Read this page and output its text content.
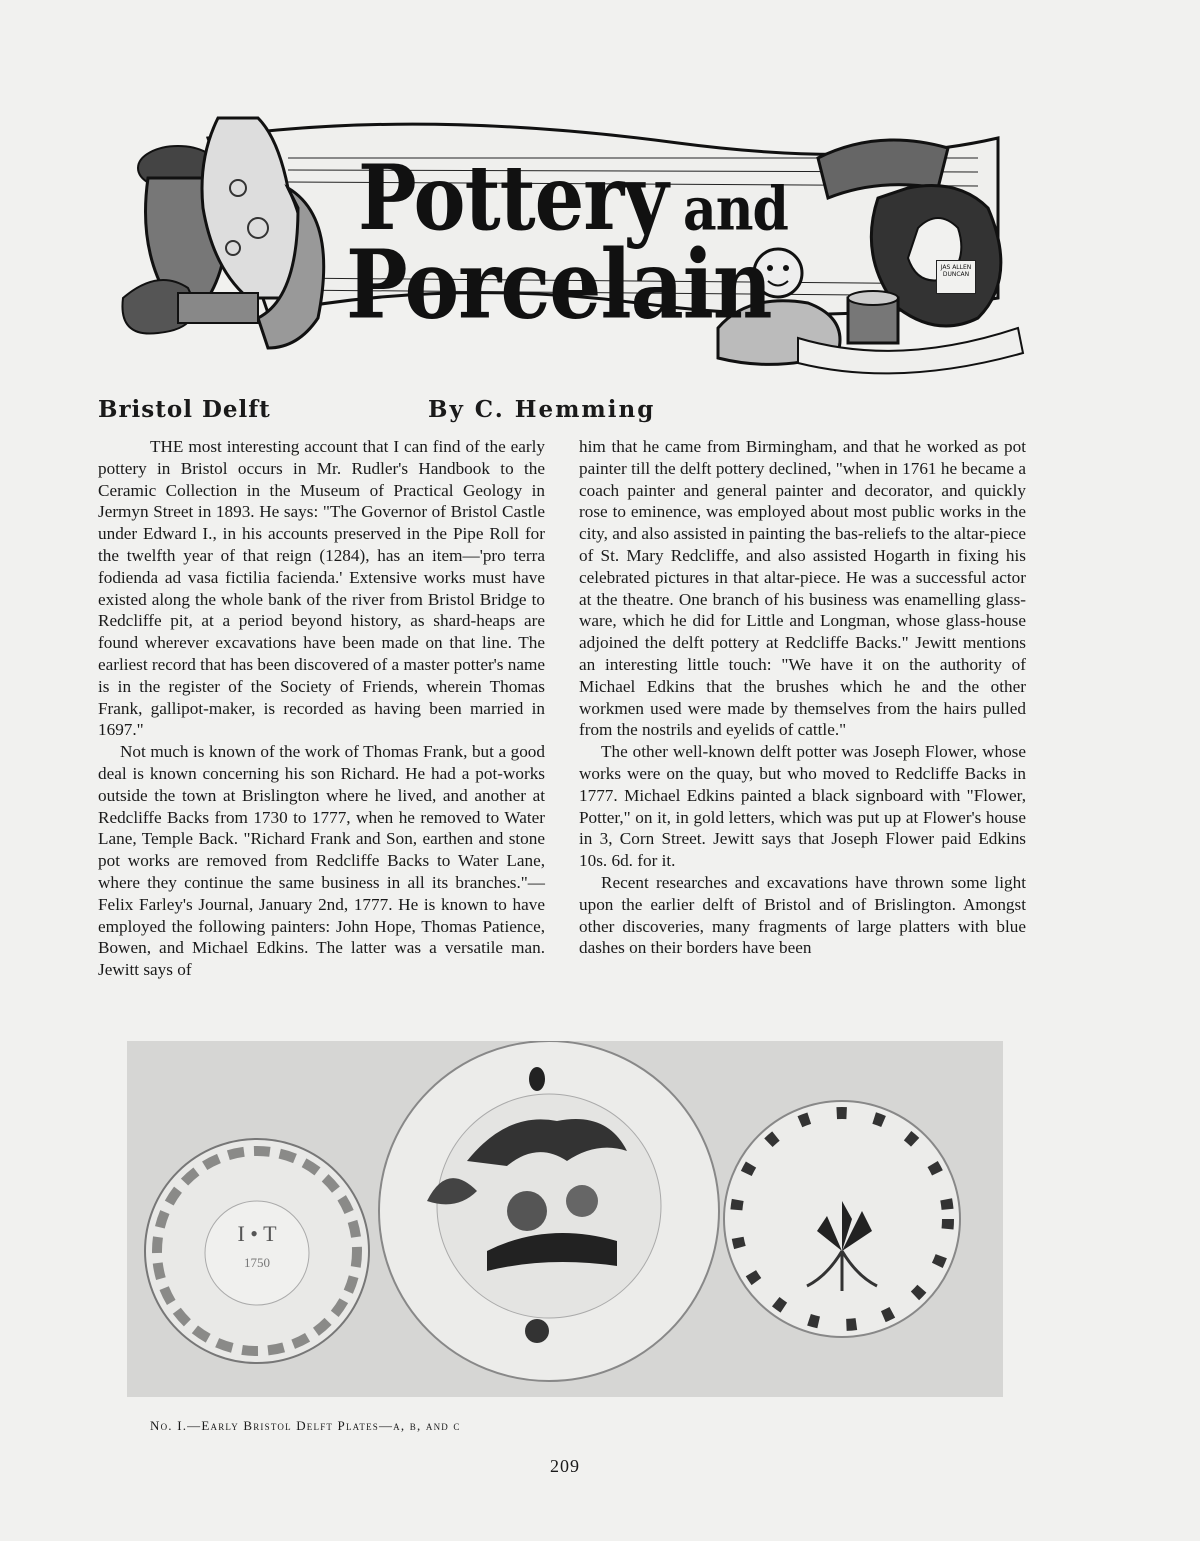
Pottery and
Porcelain	JAS ALLEN DUNCAN
Bristol Delft	By C. Hemming

THE most interesting account that I can find of the early pottery in Bristol occurs in Mr. Rudler's Handbook to the Ceramic Collection in the Museum of Practical Geology in Jermyn Street in 1893. He says: "The Governor of Bristol Castle under Edward I., in his accounts preserved in the Pipe Roll for the twelfth year of that reign (1284), has an item—'pro terra fodienda ad vasa fictilia facienda.' Extensive works must have existed along the whole bank of the river from Bristol Bridge to Redcliffe pit, at a period beyond history, as shard-heaps are found wherever excavations have been made on that line. The earliest record that has been discovered of a master potter's name is in the register of the Society of Friends, wherein Thomas Frank, gallipot-maker, is recorded as having been married in 1697."

Not much is known of the work of Thomas Frank, but a good deal is known concerning his son Richard. He had a pot-works outside the town at Brislington where he lived, and another at Redcliffe Backs from 1730 to 1777, when he removed to Water Lane, Temple Back. "Richard Frank and Son, earthen and stone pot works are removed from Redcliffe Backs to Water Lane, where they continue the same business in all its branches."—Felix Farley's Journal, January 2nd, 1777. He is known to have employed the following painters: John Hope, Thomas Patience, Bowen, and Michael Edkins. The latter was a versatile man. Jewitt says of

him that he came from Birmingham, and that he worked as pot painter till the delft pottery declined, "when in 1761 he became a coach painter and general painter and decorator, and quickly rose to eminence, was employed about most public works in the city, and also assisted in painting the bas-reliefs to the altar-piece of St. Mary Redcliffe, and also assisted Hogarth in fixing his celebrated pictures in that altar-piece. He was a successful actor at the theatre. One branch of his business was enamelling glass-ware, which he did for Little and Longman, whose glass-house adjoined the delft pottery at Redcliffe Backs." Jewitt mentions an interesting little touch: "We have it on the authority of Michael Edkins that the brushes which he and the other workmen used were made by themselves from the hairs pulled from the nostrils and eyelids of cattle."

The other well-known delft potter was Joseph Flower, whose works were on the quay, but who moved to Redcliffe Backs in 1777. Michael Edkins painted a black signboard with "Flower, Potter," on it, in gold letters, which was put up at Flower's house in 3, Corn Street. Jewitt says that Joseph Flower paid Edkins 10s. 6d. for it.

Recent researches and excavations have thrown some light upon the earlier delft of Bristol and of Brislington. Amongst other discoveries, many fragments of large platters with blue dashes on their borders have been

I • T
1750
No. I.—Early Bristol Delft Plates—a, b, and c
209
